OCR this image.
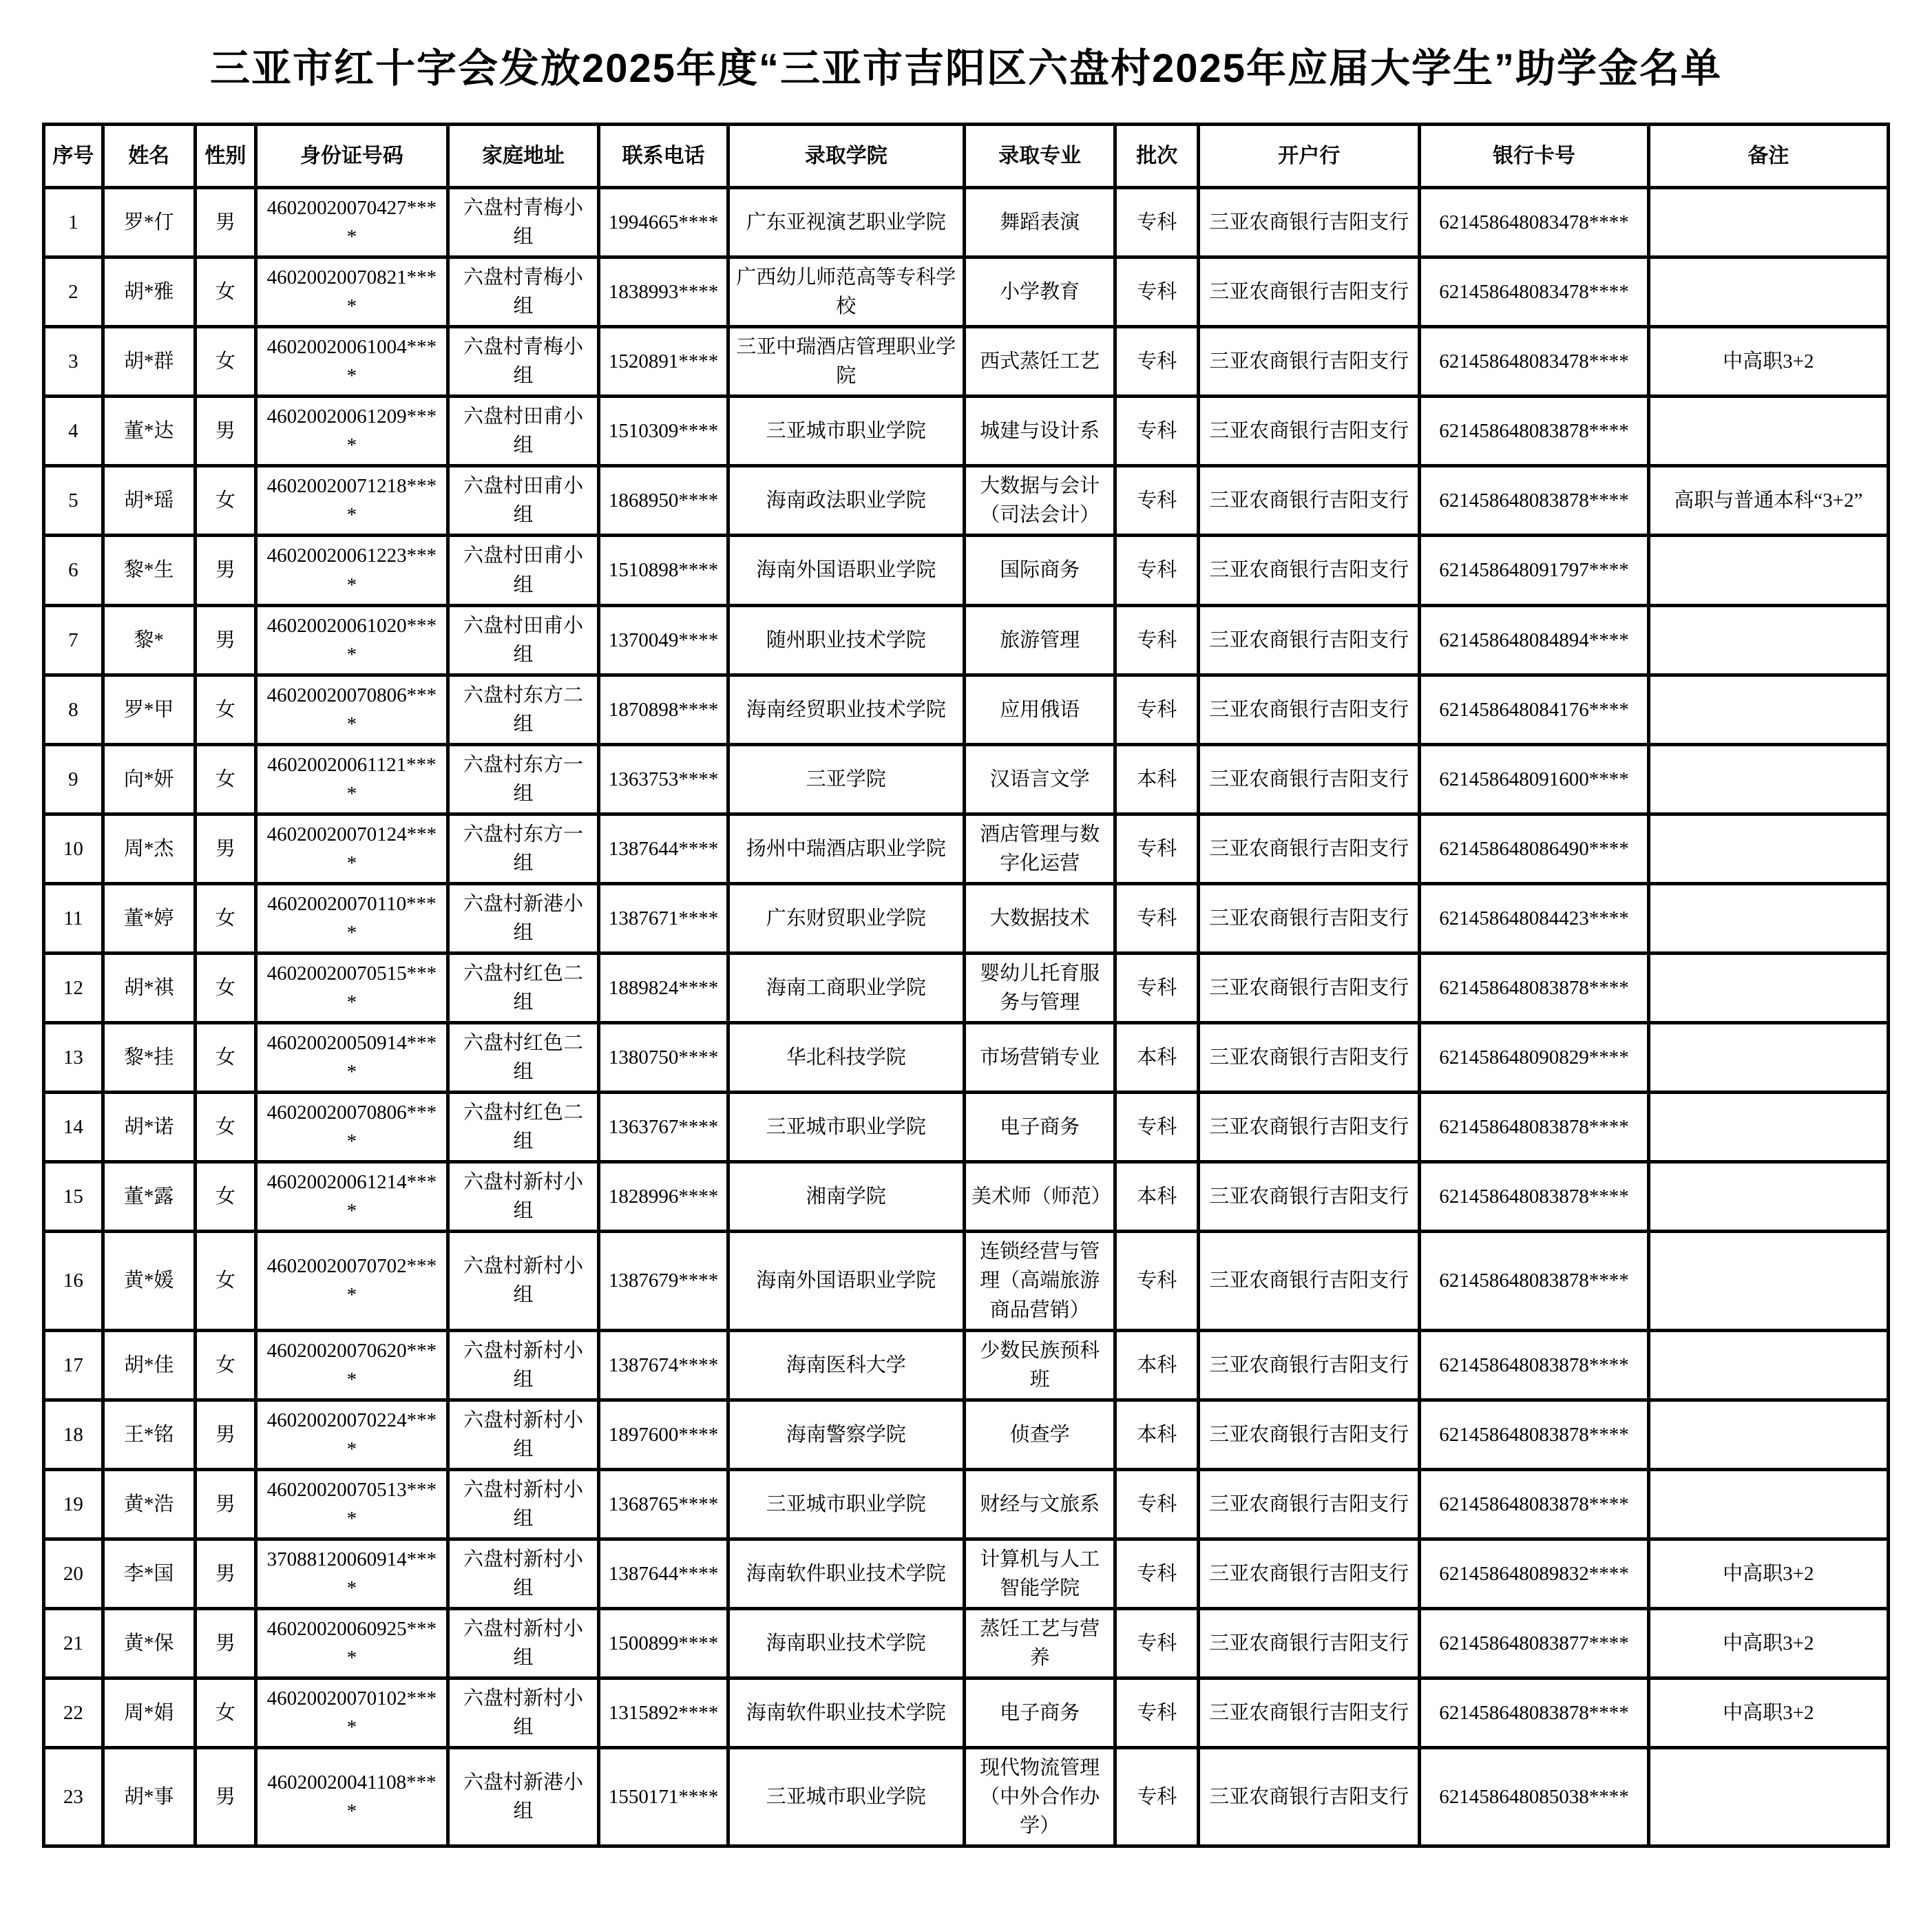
三亚市红十字会发放2025年度“三亚市吉阳区六盘村2025年应届大学生”助学金名单
序号	姓名	性别	身份证号码	家庭地址	联系电话	录取学院	录取专业	批次	开户行	银行卡号	备注
1	罗*仃	男	46020020070427****	六盘村青梅小组	1994665****	广东亚视演艺职业学院	舞蹈表演	专科	三亚农商银行吉阳支行	621458648083478****	
2	胡*雅	女	46020020070821****	六盘村青梅小组	1838993****	广西幼儿师范高等专科学校	小学教育	专科	三亚农商银行吉阳支行	621458648083478****	
3	胡*群	女	46020020061004****	六盘村青梅小组	1520891****	三亚中瑞酒店管理职业学院	西式蒸饪工艺	专科	三亚农商银行吉阳支行	621458648083478****	中高职3+2
4	董*达	男	46020020061209****	六盘村田甫小组	1510309****	三亚城市职业学院	城建与设计系	专科	三亚农商银行吉阳支行	621458648083878****	
5	胡*瑶	女	46020020071218****	六盘村田甫小组	1868950****	海南政法职业学院	大数据与会计（司法会计）	专科	三亚农商银行吉阳支行	621458648083878****	高职与普通本科“3+2”
6	黎*生	男	46020020061223****	六盘村田甫小组	1510898****	海南外国语职业学院	国际商务	专科	三亚农商银行吉阳支行	621458648091797****	
7	黎*	男	46020020061020****	六盘村田甫小组	1370049****	随州职业技术学院	旅游管理	专科	三亚农商银行吉阳支行	621458648084894****	
8	罗*甲	女	46020020070806****	六盘村东方二组	1870898****	海南经贸职业技术学院	应用俄语	专科	三亚农商银行吉阳支行	621458648084176****	
9	向*妍	女	46020020061121****	六盘村东方一组	1363753****	三亚学院	汉语言文学	本科	三亚农商银行吉阳支行	621458648091600****	
10	周*杰	男	46020020070124****	六盘村东方一组	1387644****	扬州中瑞酒店职业学院	酒店管理与数字化运营	专科	三亚农商银行吉阳支行	621458648086490****	
11	董*婷	女	46020020070110****	六盘村新港小组	1387671****	广东财贸职业学院	大数据技术	专科	三亚农商银行吉阳支行	621458648084423****	
12	胡*祺	女	46020020070515****	六盘村红色二组	1889824****	海南工商职业学院	婴幼儿托育服务与管理	专科	三亚农商银行吉阳支行	621458648083878****	
13	黎*挂	女	46020020050914****	六盘村红色二组	1380750****	华北科技学院	市场营销专业	本科	三亚农商银行吉阳支行	621458648090829****	
14	胡*诺	女	46020020070806****	六盘村红色二组	1363767****	三亚城市职业学院	电子商务	专科	三亚农商银行吉阳支行	621458648083878****	
15	董*露	女	46020020061214****	六盘村新村小组	1828996****	湘南学院	美术师（师范）	本科	三亚农商银行吉阳支行	621458648083878****	
16	黄*媛	女	46020020070702****	六盘村新村小组	1387679****	海南外国语职业学院	连锁经营与管理（高端旅游商品营销）	专科	三亚农商银行吉阳支行	621458648083878****	
17	胡*佳	女	46020020070620****	六盘村新村小组	1387674****	海南医科大学	少数民族预科班	本科	三亚农商银行吉阳支行	621458648083878****	
18	王*铭	男	46020020070224****	六盘村新村小组	1897600****	海南警察学院	侦查学	本科	三亚农商银行吉阳支行	621458648083878****	
19	黄*浩	男	46020020070513****	六盘村新村小组	1368765****	三亚城市职业学院	财经与文旅系	专科	三亚农商银行吉阳支行	621458648083878****	
20	李*国	男	37088120060914****	六盘村新村小组	1387644****	海南软件职业技术学院	计算机与人工智能学院	专科	三亚农商银行吉阳支行	621458648089832****	中高职3+2
21	黄*保	男	46020020060925****	六盘村新村小组	1500899****	海南职业技术学院	蒸饪工艺与营养	专科	三亚农商银行吉阳支行	621458648083877****	中高职3+2
22	周*娟	女	46020020070102****	六盘村新村小组	1315892****	海南软件职业技术学院	电子商务	专科	三亚农商银行吉阳支行	621458648083878****	中高职3+2
23	胡*事	男	46020020041108****	六盘村新港小组	1550171****	三亚城市职业学院	现代物流管理（中外合作办学）	专科	三亚农商银行吉阳支行	621458648085038****	
